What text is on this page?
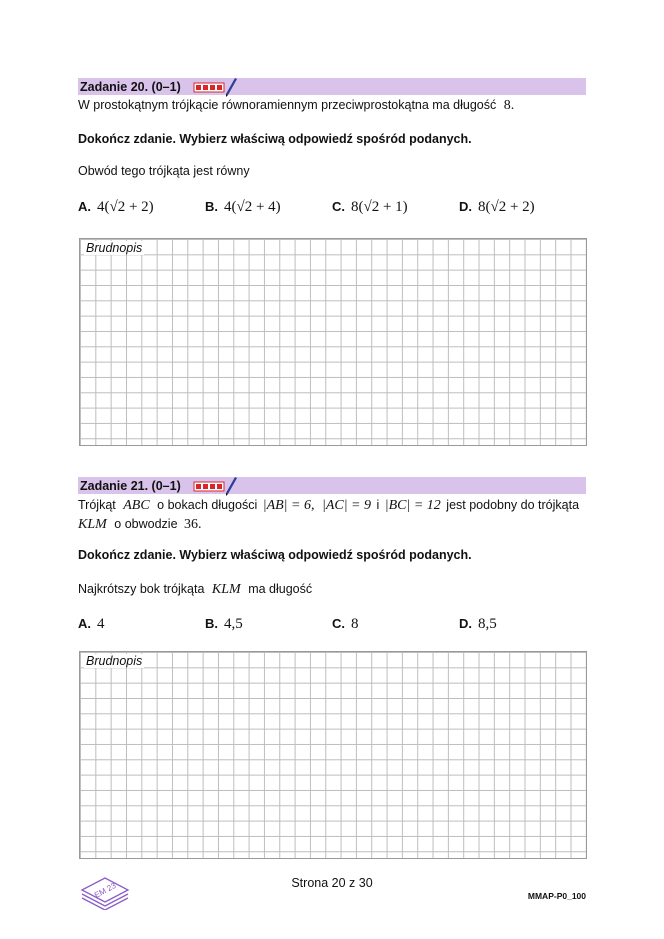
Zadanie 20. (0–1)
W prostokątnym trójkącie równoramiennym przeciwprostokątna ma długość 8.
Dokończ zdanie. Wybierz właściwą odpowiedź spośród podanych.
Obwód tego trójkąta jest równy
A. 4(√2 + 2)	B. 4(√2 + 4)	C. 8(√2 + 1)	D. 8(√2 + 2)
Brudnopis
Zadanie 21. (0–1)
Trójkąt ABC o bokach długości |AB| = 6, |AC| = 9 i |BC| = 12 jest podobny do trójkąta
KLM o obwodzie 36.
Dokończ zdanie. Wybierz właściwą odpowiedź spośród podanych.
Najkrótszy bok trójkąta KLM ma długość
A. 4	B. 4,5	C. 8	D. 8,5
Brudnopis
EM 23	Strona 20 z 30
MMAP-P0_100
